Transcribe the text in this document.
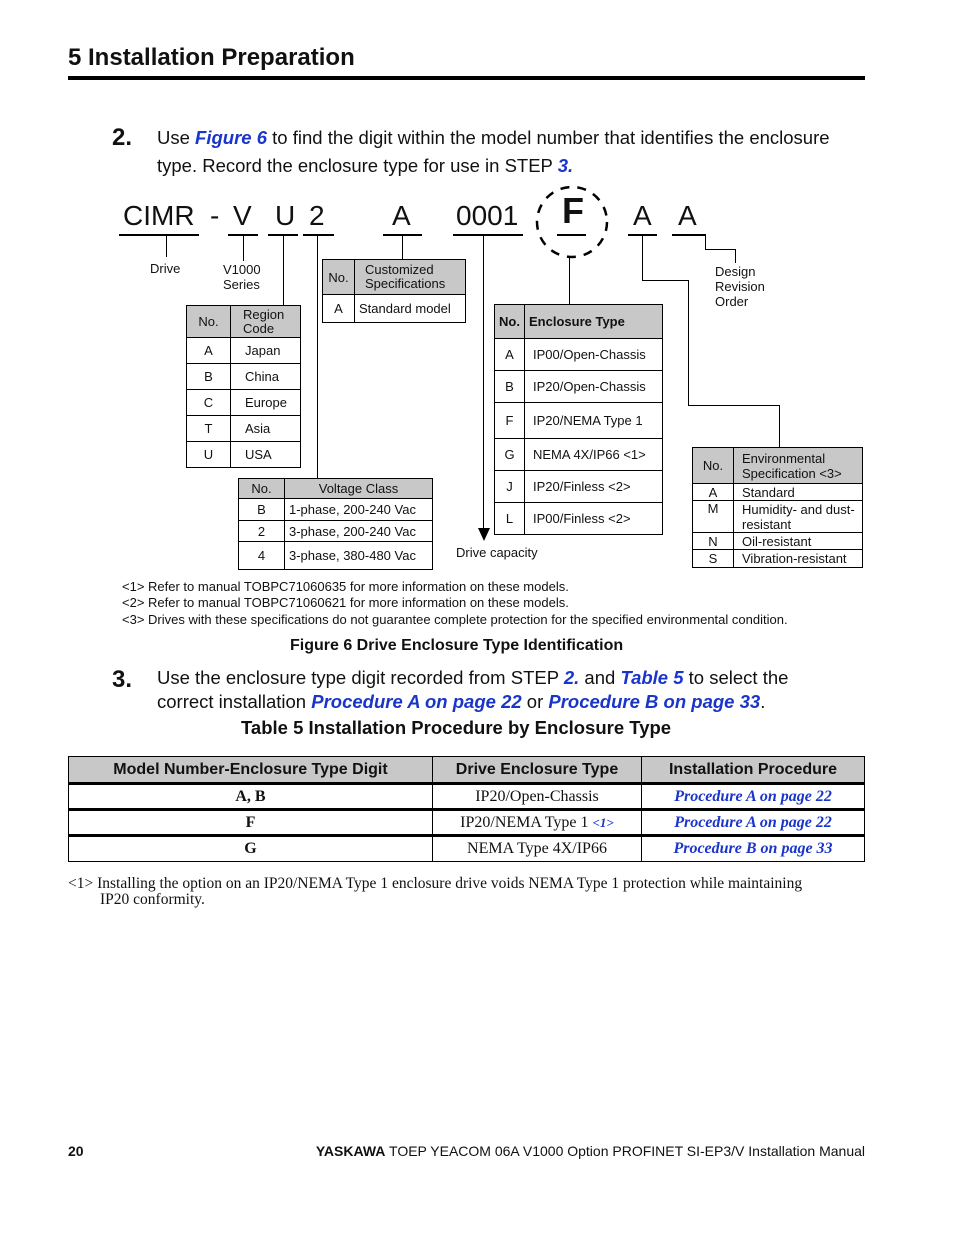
5 Installation Preparation
2. Use Figure 6 to find the digit within the model number that identifies the enclosure
type. Record the enclosure type for use in STEP 3.
CIMR - V U 2 A 0001 F A A
Drive	V1000
Series
Design
Revision
Order
Drive capacity
No.	Region Code
A	Japan
B	China
C	Europe
T	Asia
U	USA
No.	Customized Specifications
A	Standard model
No.	Voltage Class
B	1-phase, 200-240 Vac
2	3-phase, 200-240 Vac
4	3-phase, 380-480 Vac
No.	Enclosure Type
A	IP00/Open-Chassis
B	IP20/Open-Chassis
F	IP20/NEMA Type 1
G	NEMA 4X/IP66 <1>
J	IP20/Finless <2>
L	IP00/Finless <2>
No.	Environmental Specification <3>
A	Standard
M	Humidity- and dust-resistant
N	Oil-resistant
S	Vibration-resistant
<1> Refer to manual TOBPC71060635 for more information on these models.
<2> Refer to manual TOBPC71060621 for more information on these models.
<3> Drives with these specifications do not guarantee complete protection for the specified environmental condition.
Figure 6 Drive Enclosure Type Identification
3. Use the enclosure type digit recorded from STEP 2. and Table 5 to select the
correct installation Procedure A on page 22 or Procedure B on page 33.
Table 5 Installation Procedure by Enclosure Type
Model Number-Enclosure Type Digit	Drive Enclosure Type	Installation Procedure
A, B	IP20/Open-Chassis	Procedure A on page 22
F	IP20/NEMA Type 1 <1>	Procedure A on page 22
G	NEMA Type 4X/IP66	Procedure B on page 33
<1> Installing the option on an IP20/NEMA Type 1 enclosure drive voids NEMA Type 1 protection while maintaining
IP20 conformity.
20	YASKAWA TOEP YEACOM 06A V1000 Option PROFINET SI-EP3/V Installation Manual
